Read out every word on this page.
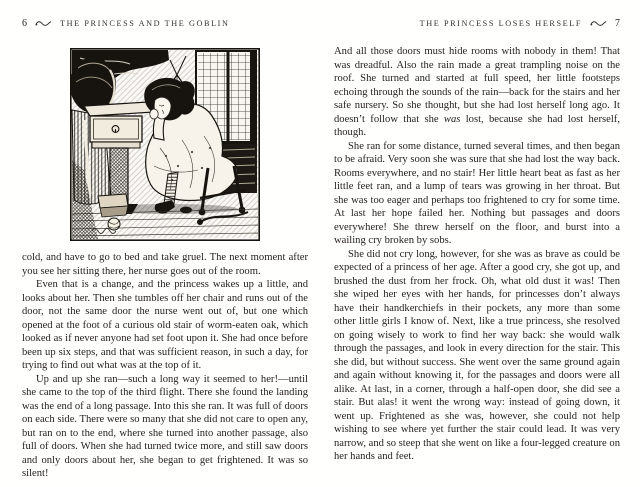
6	THE PRINCESS AND THE GOBLIN

cold, and have to go to bed and take gruel. The next moment after you see her sitting there, her nurse goes out of the room.

Even that is a change, and the princess wakes up a little, and looks about her. Then she tumbles off her chair and runs out of the door, not the same door the nurse went out of, but one which opened at the foot of a curious old stair of worm-eaten oak, which looked as if never anyone had set foot upon it. She had once before been up six steps, and that was sufficient reason, in such a day, for trying to find out what was at the top of it.

Up and up she ran—such a long way it seemed to her!—until she came to the top of the third flight. There she found the landing was the end of a long passage. Into this she ran. It was full of doors on each side. There were so many that she did not care to open any, but ran on to the end, where she turned into another passage, also full of doors. When she had turned twice more, and still saw doors and only doors about her, she began to get frightened. It was so silent!

THE PRINCESS LOSES HERSELF	7

And all those doors must hide rooms with nobody in them! That was dreadful. Also the rain made a great trampling noise on the roof. She turned and started at full speed, her little footsteps echoing through the sounds of the rain—back for the stairs and her safe nursery. So she thought, but she had lost herself long ago. It doesn’t follow that she was lost, because she had lost herself, though.

She ran for some distance, turned several times, and then began to be afraid. Very soon she was sure that she had lost the way back. Rooms everywhere, and no stair! Her little heart beat as fast as her little feet ran, and a lump of tears was growing in her throat. But she was too eager and perhaps too frightened to cry for some time. At last her hope failed her. Nothing but passages and doors everywhere! She threw herself on the floor, and burst into a wailing cry broken by sobs.

She did not cry long, however, for she was as brave as could be expected of a princess of her age. After a good cry, she got up, and brushed the dust from her frock. Oh, what old dust it was! Then she wiped her eyes with her hands, for princesses don’t always have their handkerchiefs in their pockets, any more than some other little girls I know of. Next, like a true princess, she resolved on going wisely to work to find her way back: she would walk through the passages, and look in every direction for the stair. This she did, but without success. She went over the same ground again and again without knowing it, for the passages and doors were all alike. At last, in a corner, through a half-open door, she did see a stair. But alas! it went the wrong way: instead of going down, it went up. Frightened as she was, however, she could not help wishing to see where yet further the stair could lead. It was very narrow, and so steep that she went on like a four-legged creature on her hands and feet.
